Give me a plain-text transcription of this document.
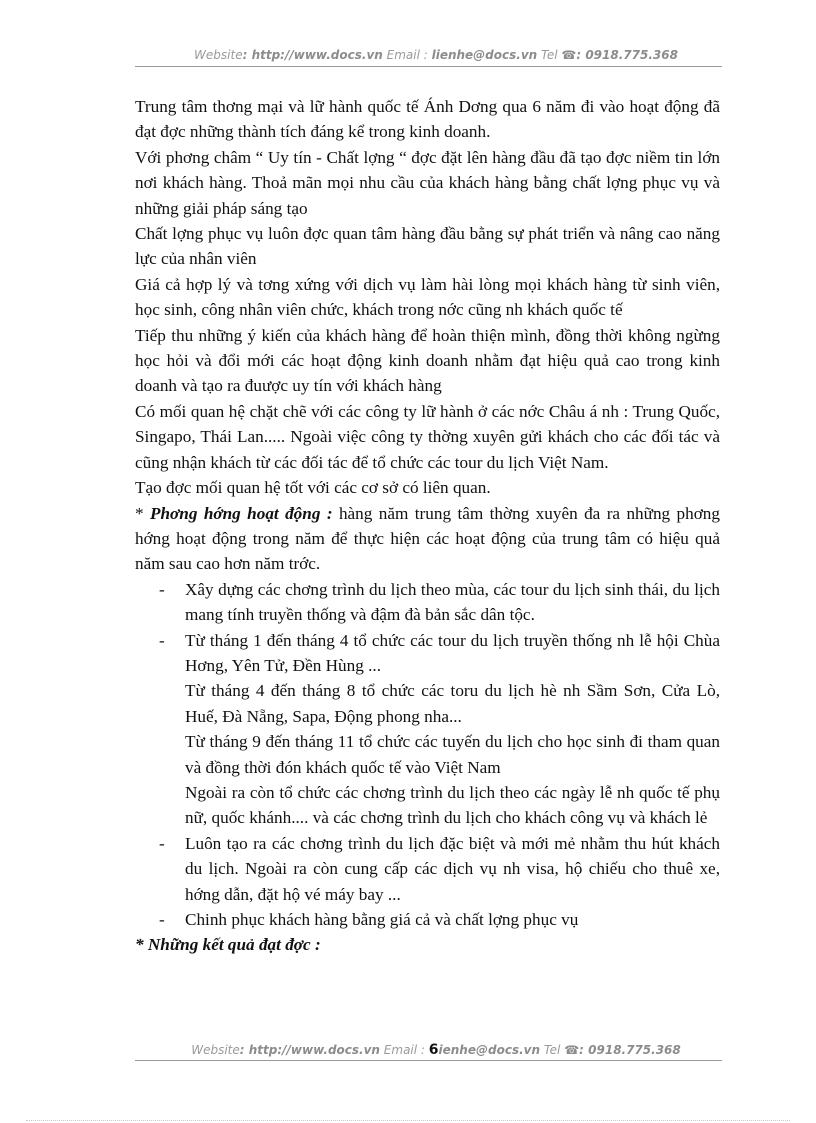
Website: http://www.docs.vn Email : lienhe@docs.vn Tel ☎: 0918.775.368

Trung tâm thơng mại và lữ hành quốc tế Ánh Dơng qua 6 năm đi vào hoạt động đã đạt đợc những thành tích đáng kể trong kinh doanh.

Với phơng châm “ Uy tín - Chất lợng “ đợc đặt lên hàng đầu đã tạo đợc niềm tin lớn nơi khách hàng. Thoả mãn mọi nhu cầu của khách hàng bằng chất lợng phục vụ và những giải pháp sáng tạo

Chất lợng phục vụ luôn đợc quan tâm hàng đầu bằng sự phát triển và nâng cao năng lực của nhân viên

Giá cả hợp lý và tơng xứng với dịch vụ làm hài lòng mọi khách hàng từ sinh viên, học sinh, công nhân viên chức, khách trong nớc cũng nh khách quốc tế

Tiếp thu những ý kiến của khách hàng để hoàn thiện mình, đồng thời không ngừng học hỏi và đổi mới các hoạt động kinh doanh nhằm đạt hiệu quả cao trong kinh doanh và tạo ra đuược uy tín với khách hàng

Có mối quan hệ chặt chẽ với các công ty lữ hành ở các nớc Châu á nh : Trung Quốc, Singapo, Thái Lan..... Ngoài việc công ty thờng xuyên gửi khách cho các đối tác và cũng nhận khách từ các đối tác để tổ chức các tour du lịch Việt Nam.

Tạo đợc mối quan hệ tốt với các cơ sở có liên quan.

* Phơng hớng hoạt động : hàng năm trung tâm thờng xuyên đa ra những phơng hớng hoạt động trong năm để thực hiện các hoạt động của trung tâm có hiệu quả năm sau cao hơn năm trớc.

- Xây dựng các chơng trình du lịch theo mùa, các tour du lịch sinh thái, du lịch mang tính truyền thống và đậm đà bản sắc dân tộc.

- Từ tháng 1 đến tháng 4 tổ chức các tour du lịch truyền thống nh lễ hội Chùa Hơng, Yên Tử, Đền Hùng ...

Từ tháng 4 đến tháng 8 tổ chức các toru du lịch hè nh Sầm Sơn, Cửa Lò, Huế, Đà Nẵng, Sapa, Động phong nha...

Từ tháng 9 đến tháng 11 tổ chức các tuyến du lịch cho học sinh đi tham quan và đồng thời đón khách quốc tế vào Việt Nam

Ngoài ra còn tổ chức các chơng trình du lịch theo các ngày lễ nh quốc tế phụ nữ, quốc khánh.... và các chơng trình du lịch cho khách công vụ và khách lẻ

- Luôn tạo ra các chơng trình du lịch đặc biệt và mới mẻ nhằm thu hút khách du lịch. Ngoài ra còn cung cấp các dịch vụ nh visa, hộ chiếu cho thuê xe, hớng dẫn, đặt hộ vé máy bay ...

- Chinh phục khách hàng bằng giá cả và chất lợng phục vụ

* Những kết quả đạt đợc :

Website: http://www.docs.vn Email : 6ienhe@docs.vn Tel ☎: 0918.775.368
